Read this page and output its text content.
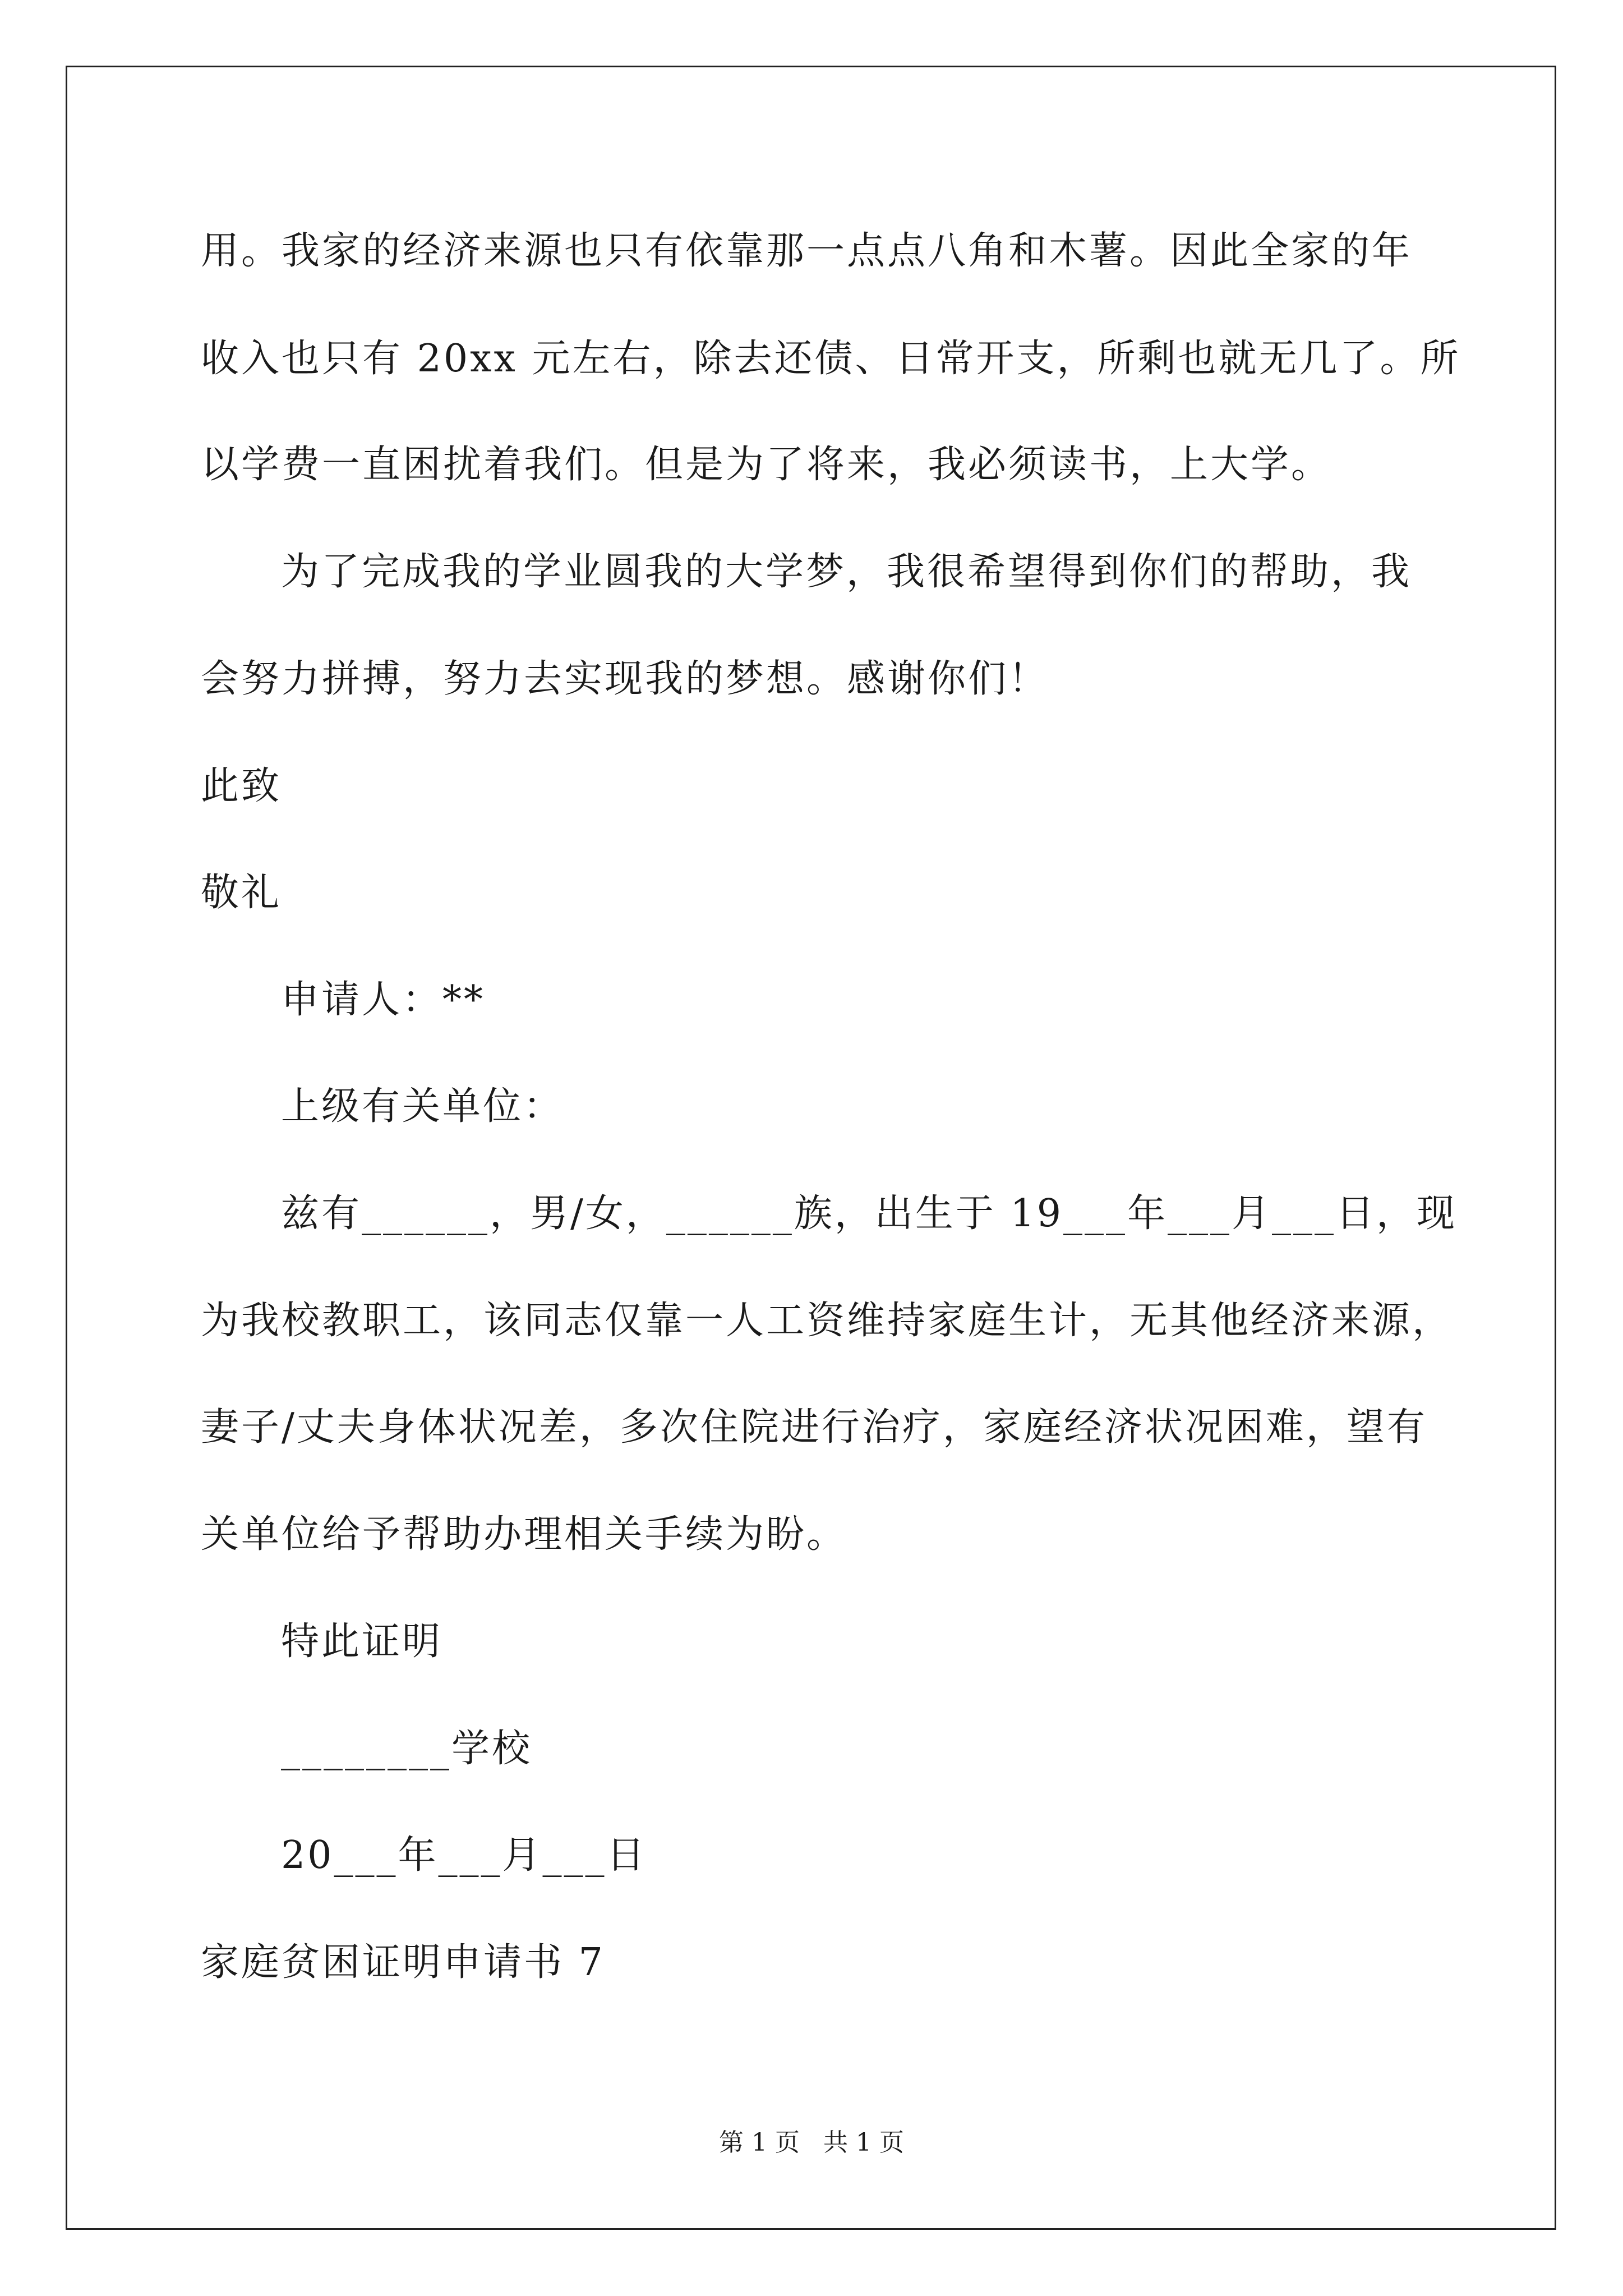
用。我家的经济来源也只有依靠那一点点八角和木薯。因此全家的年
收入也只有 20xx 元左右，除去还债、日常开支，所剩也就无几了。所
以学费一直困扰着我们。但是为了将来，我必须读书，上大学。
为了完成我的学业圆我的大学梦，我很希望得到你们的帮助，我
会努力拼搏，努力去实现我的梦想。感谢你们！
此致
敬礼
申请人：**
上级有关单位：
兹有______，男/女，______族，出生于 19___年___月___日，现
为我校教职工，该同志仅靠一人工资维持家庭生计，无其他经济来源，
妻子/丈夫身体状况差，多次住院进行治疗，家庭经济状况困难，望有
关单位给予帮助办理相关手续为盼。
特此证明
________学校
20___年___月___日
家庭贫困证明申请书 7
第 1 页   共 1 页
